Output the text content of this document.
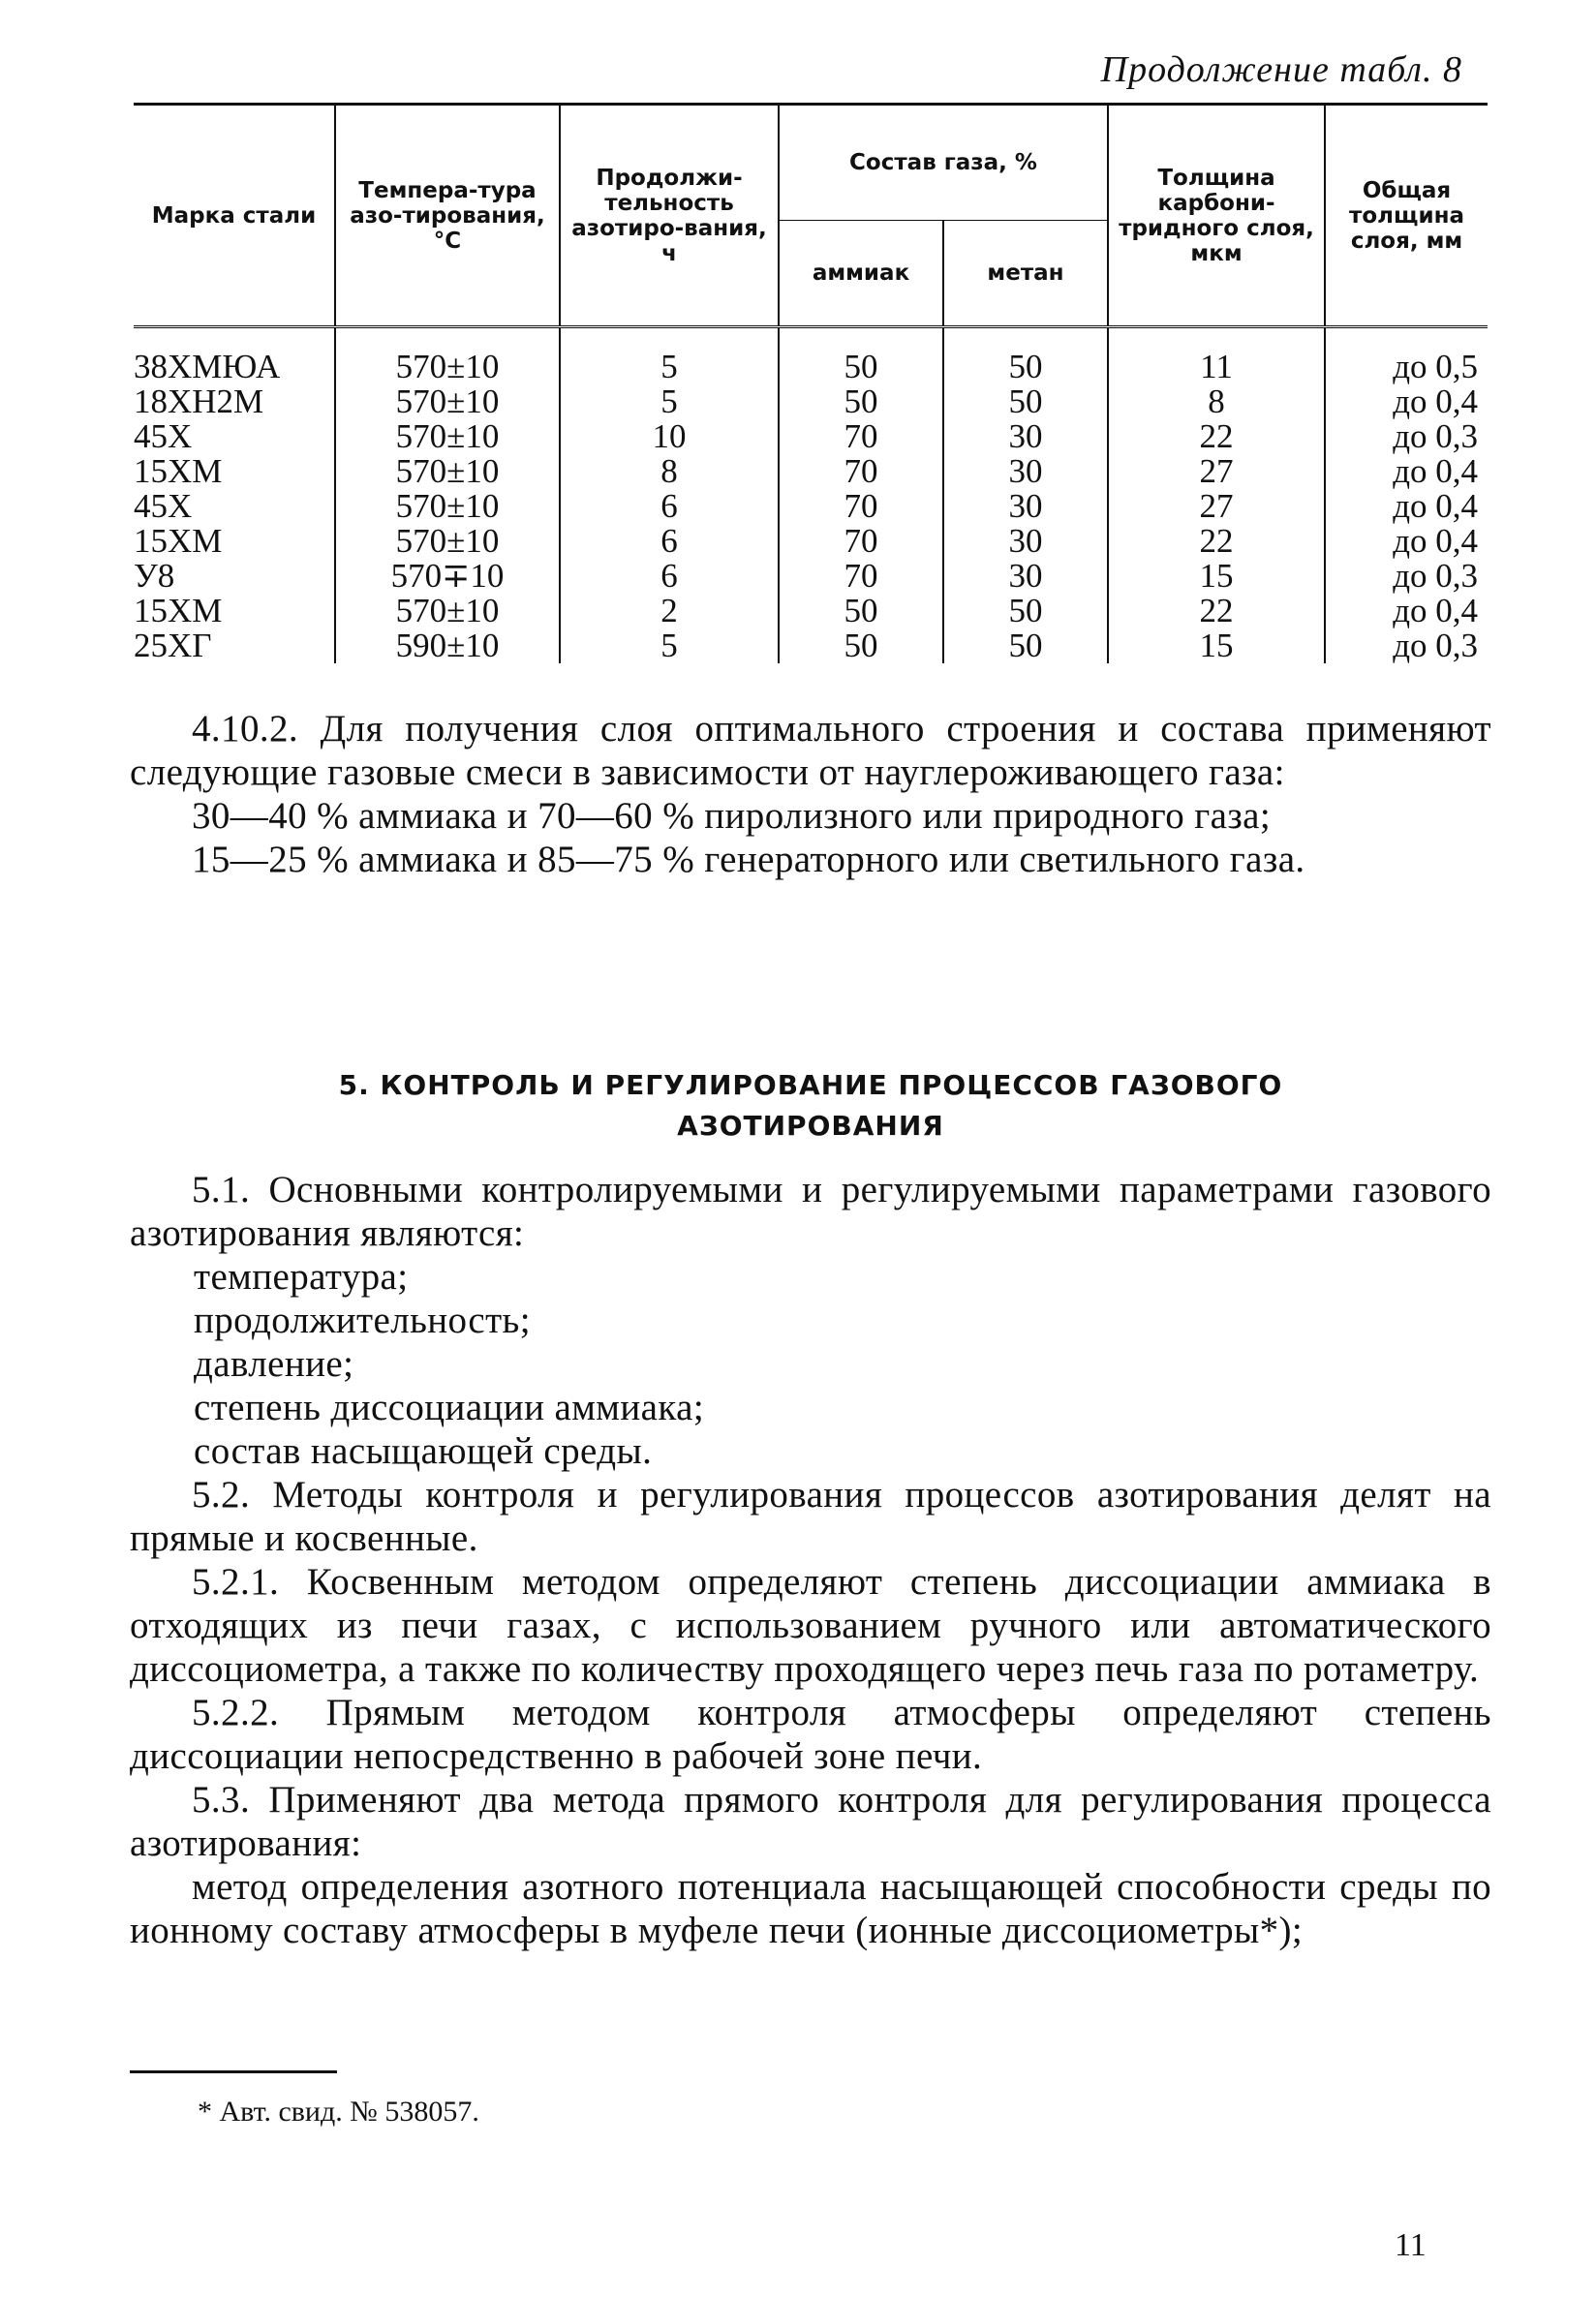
Продолжение табл. 8
Марка стали	Темпера-тура азо-тирования, °С	Продолжи-тельность азотиро-вания, ч	Состав газа, %		Толщина карбони-тридного слоя, мкм	Общая толщина слоя, мм
			аммиак	метан		

38ХМЮА	570±10	5	50	50	11	до 0,5
18ХН2М	570±10	5	50	50	8	до 0,4
45Х	570±10	10	70	30	22	до 0,3
15ХМ	570±10	8	70	30	27	до 0,4
45Х	570±10	6	70	30	27	до 0,4
15ХМ	570±10	6	70	30	22	до 0,4
У8	570∓10	6	70	30	15	до 0,3
15ХМ	570±10	2	50	50	22	до 0,4
25ХГ	590±10	5	50	50	15	до 0,3

4.10.2. Для получения слоя оптимального строения и состава применяют следующие газовые смеси в зависимости от науглероживающего газа:

30—40 % аммиака и 70—60 % пиролизного или природного газа;

15—25 % аммиака и 85—75 % генераторного или светильного газа.

5. КОНТРОЛЬ И РЕГУЛИРОВАНИЕ ПРОЦЕССОВ ГАЗОВОГО
АЗОТИРОВАНИЯ

5.1. Основными контролируемыми и регулируемыми параметрами газового азотирования являются:

температура;

продолжительность;

давление;

степень диссоциации аммиака;

состав насыщающей среды.

5.2. Методы контроля и регулирования процессов азотирования делят на прямые и косвенные.

5.2.1. Косвенным методом определяют степень диссоциации аммиака в отходящих из печи газах, с использованием ручного или автоматического диссоциометра, а также по количеству проходящего через печь газа по ротаметру.

5.2.2. Прямым методом контроля атмосферы определяют степень диссоциации непосредственно в рабочей зоне печи.

5.3. Применяют два метода прямого контроля для регулирования процесса азотирования:

метод определения азотного потенциала насыщающей способности среды по ионному составу атмосферы в муфеле печи (ионные диссоциометры*);

* Авт. свид. № 538057.
11
